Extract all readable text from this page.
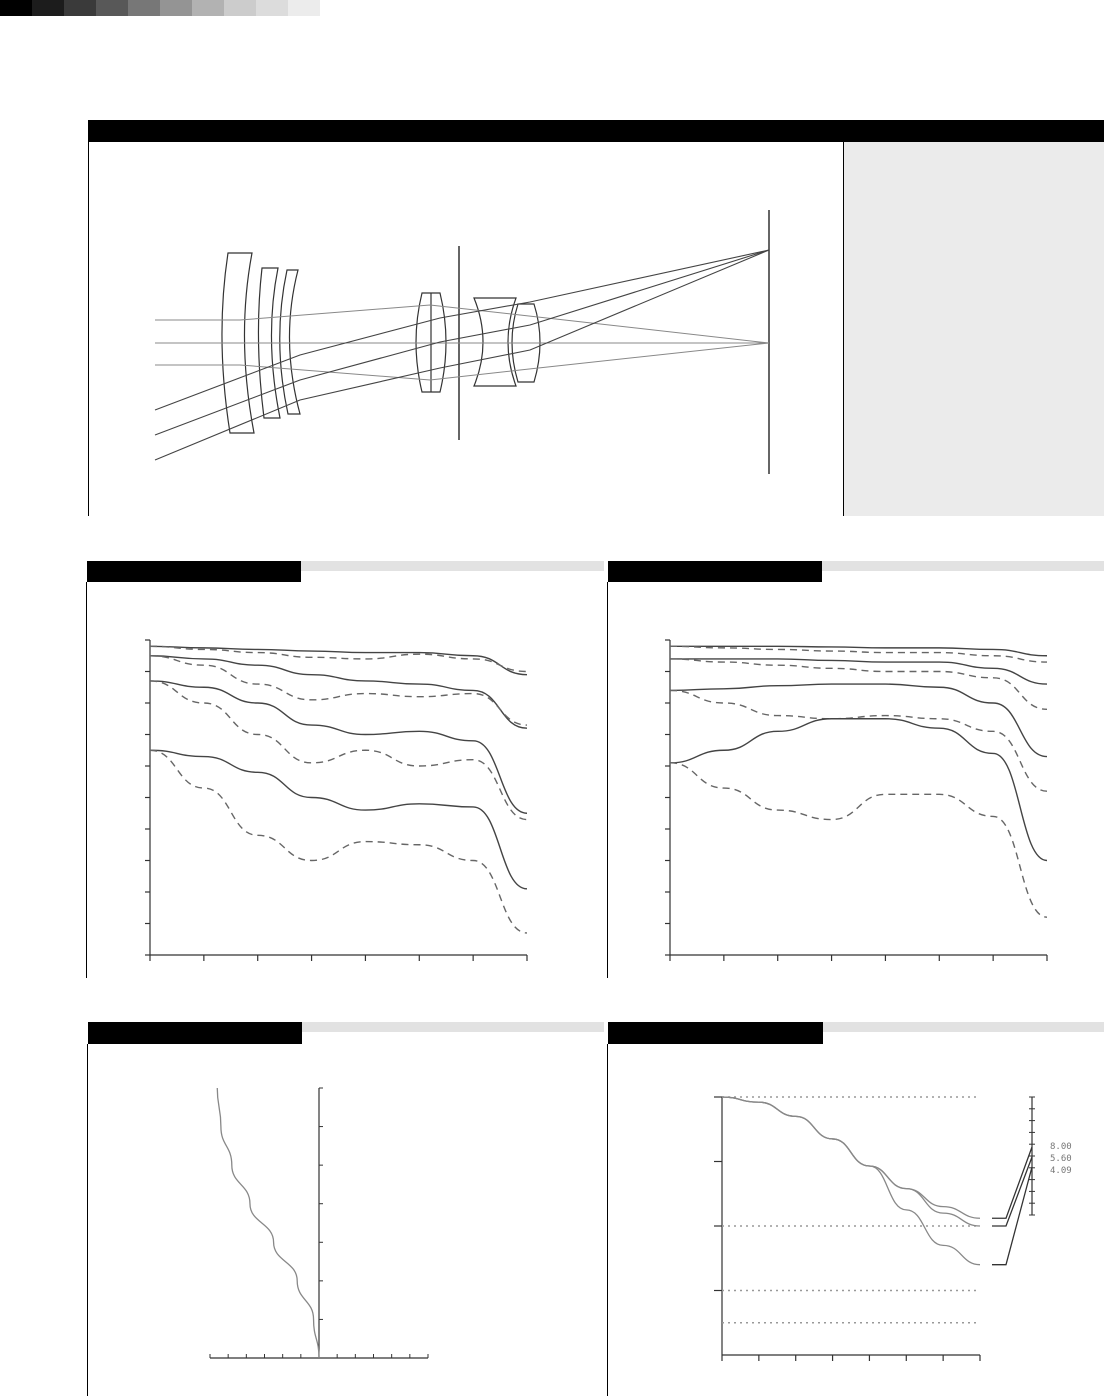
8.00
5.60
4.09
